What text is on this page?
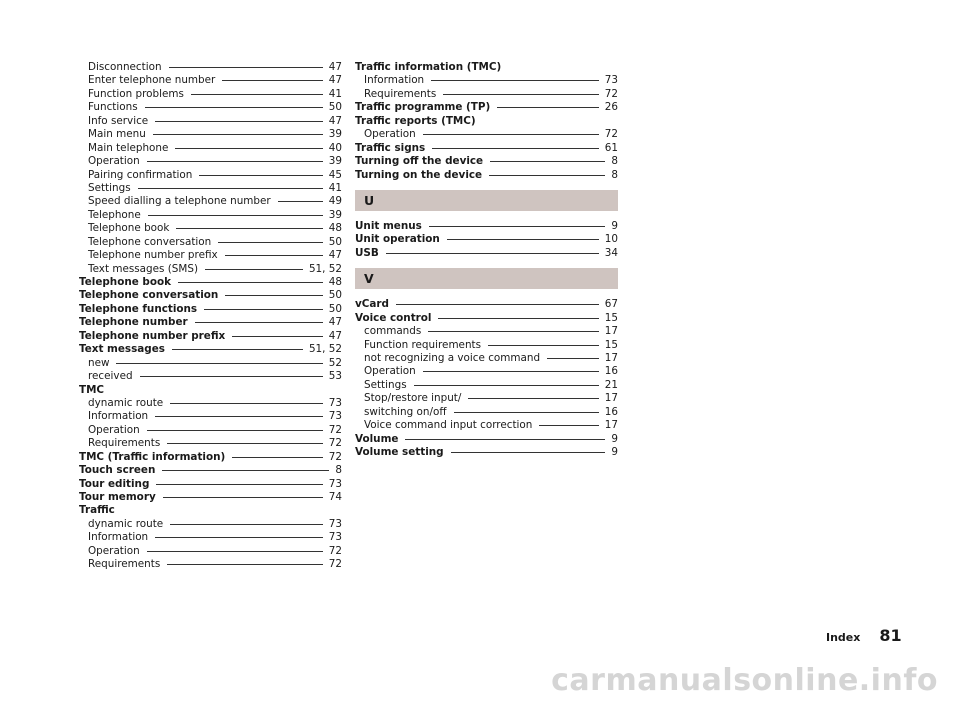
Disconnection	47
Enter telephone number	47
Function problems	41
Functions	50
Info service	47
Main menu	39
Main telephone	40
Operation	39
Pairing confirmation	45
Settings	41
Speed dialling a telephone number	49
Telephone	39
Telephone book	48
Telephone conversation	50
Telephone number prefix	47
Text messages (SMS)	51, 52
Telephone book	48
Telephone conversation	50
Telephone functions	50
Telephone number	47
Telephone number prefix	47
Text messages	51, 52
new	52
received	53
TMC
dynamic route	73
Information	73
Operation	72
Requirements	72
TMC (Traffic information)	72
Touch screen	8
Tour editing	73
Tour memory	74
Traffic
dynamic route	73
Information	73
Operation	72
Requirements	72
Traffic information (TMC)
Information	73
Requirements	72
Traffic programme (TP)	26
Traffic reports (TMC)
Operation	72
Traffic signs	61
Turning off the device	8
Turning on the device	8
U
Unit menus	9
Unit operation	10
USB	34
V
vCard	67
Voice control	15
commands	17
Function requirements	15
not recognizing a voice command	17
Operation	16
Settings	21
Stop/restore input/	17
switching on/off	16
Voice command input correction	17
Volume	9
Volume setting	9
Index 81
carmanualsonline.info
